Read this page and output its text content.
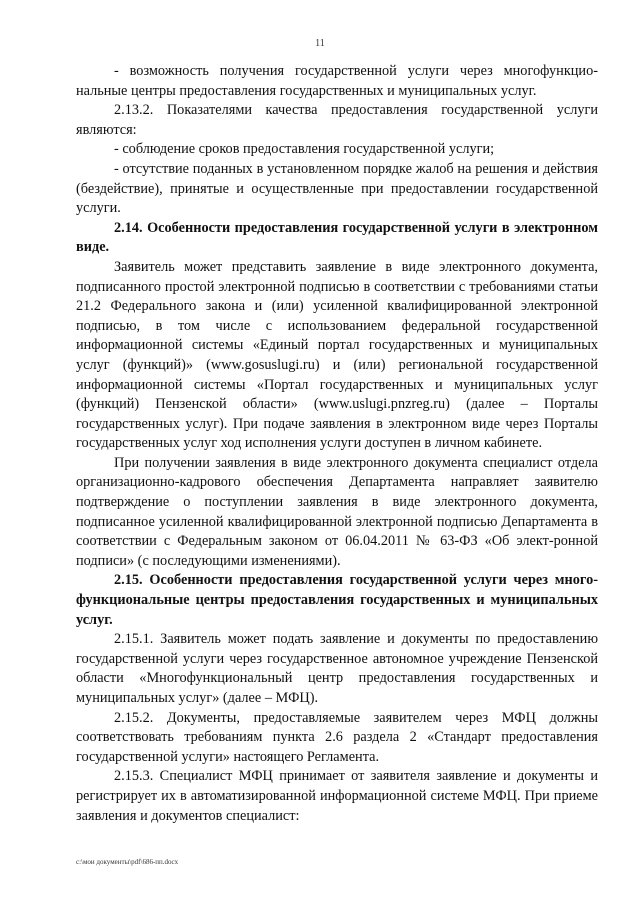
11

- возможность получения государственной услуги через многофункциональные центры предоставления государственных и муниципальных услуг.

2.13.2. Показателями качества предоставления государственной услуги являются:

- соблюдение сроков предоставления государственной услуги;

- отсутствие поданных в установленном порядке жалоб на решения и действия (бездействие), принятые и осуществленные при предоставлении государственной услуги.

2.14. Особенности предоставления государственной услуги в электронном виде.

Заявитель может представить заявление в виде электронного документа, подписанного простой электронной подписью в соответствии с требованиями статьи 21.2 Федерального закона и (или) усиленной квалифицированной электронной подписью, в том числе с использованием федеральной государственной информационной системы «Единый портал государственных и муниципальных услуг (функций)» (www.gosuslugi.ru) и (или) региональной государственной информационной системы «Портал государственных и муниципальных услуг (функций) Пензенской области» (www.uslugi.pnzreg.ru) (далее – Порталы государственных услуг). При подаче заявления в электронном виде через Порталы государственных услуг ход исполнения услуги доступен в личном кабинете.

При получении заявления в виде электронного документа специалист отдела организационно-кадрового обеспечения Департамента направляет заявителю подтверждение о поступлении заявления в виде электронного документа, подписанное усиленной квалифицированной электронной подписью Департамента в соответствии с Федеральным законом от 06.04.2011 № 63-ФЗ «Об элект-ронной подписи» (с последующими изменениями).

2.15. Особенности предоставления государственной услуги через многофункциональные центры предоставления государственных и муниципальных услуг.

2.15.1. Заявитель может подать заявление и документы по предоставлению государственной услуги через государственное автономное учреждение Пензенской области «Многофункциональный центр предоставления государственных и муниципальных услуг» (далее – МФЦ).

2.15.2. Документы, предоставляемые заявителем через МФЦ должны соответствовать требованиям пункта 2.6 раздела 2 «Стандарт предоставления государственной услуги» настоящего Регламента.

2.15.3. Специалист МФЦ принимает от заявителя заявление и документы и регистрирует их в автоматизированной информационной системе МФЦ. При приеме заявления и документов специалист:

c:\мои документы\pdf\686-пп.docx
